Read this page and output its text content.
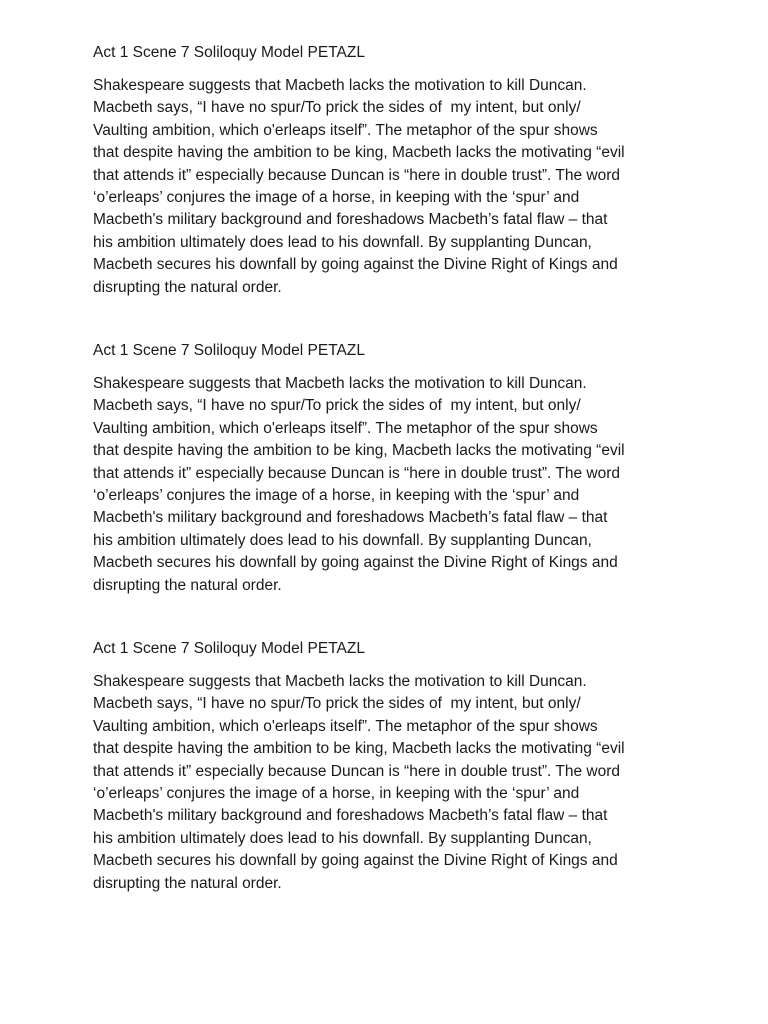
Act 1 Scene 7 Soliloquy Model PETAZL
Shakespeare suggests that Macbeth lacks the motivation to kill Duncan.
Macbeth says, “I have no spur/To prick the sides of  my intent, but only/
Vaulting ambition, which o'erleaps itself”. The metaphor of the spur shows
that despite having the ambition to be king, Macbeth lacks the motivating “evil
that attends it” especially because Duncan is “here in double trust”. The word
‘o’erleaps’ conjures the image of a horse, in keeping with the ‘spur’ and
Macbeth's military background and foreshadows Macbeth’s fatal flaw – that
his ambition ultimately does lead to his downfall. By supplanting Duncan,
Macbeth secures his downfall by going against the Divine Right of Kings and
disrupting the natural order.
Act 1 Scene 7 Soliloquy Model PETAZL
Shakespeare suggests that Macbeth lacks the motivation to kill Duncan.
Macbeth says, “I have no spur/To prick the sides of  my intent, but only/
Vaulting ambition, which o'erleaps itself”. The metaphor of the spur shows
that despite having the ambition to be king, Macbeth lacks the motivating “evil
that attends it” especially because Duncan is “here in double trust”. The word
‘o’erleaps’ conjures the image of a horse, in keeping with the ‘spur’ and
Macbeth's military background and foreshadows Macbeth’s fatal flaw – that
his ambition ultimately does lead to his downfall. By supplanting Duncan,
Macbeth secures his downfall by going against the Divine Right of Kings and
disrupting the natural order.
Act 1 Scene 7 Soliloquy Model PETAZL
Shakespeare suggests that Macbeth lacks the motivation to kill Duncan.
Macbeth says, “I have no spur/To prick the sides of  my intent, but only/
Vaulting ambition, which o'erleaps itself”. The metaphor of the spur shows
that despite having the ambition to be king, Macbeth lacks the motivating “evil
that attends it” especially because Duncan is “here in double trust”. The word
‘o’erleaps’ conjures the image of a horse, in keeping with the ‘spur’ and
Macbeth's military background and foreshadows Macbeth’s fatal flaw – that
his ambition ultimately does lead to his downfall. By supplanting Duncan,
Macbeth secures his downfall by going against the Divine Right of Kings and
disrupting the natural order.
